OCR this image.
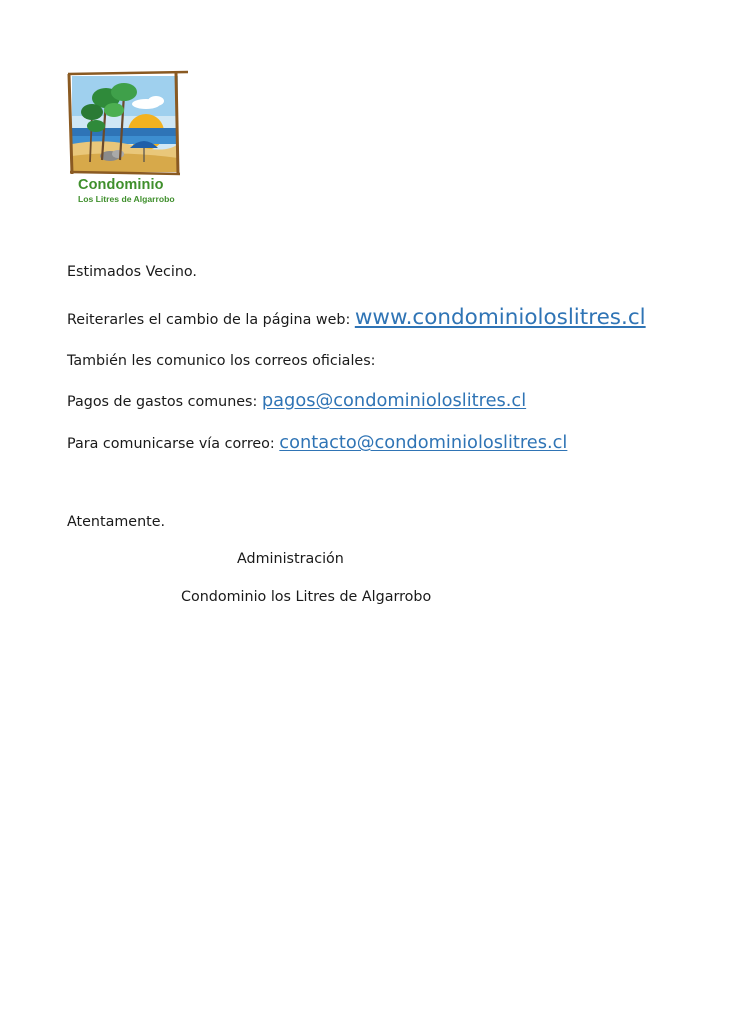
Condominio
Los Litres de Algarrobo
Estimados Vecino.
Reiterarles el cambio de la página web: www.condominioloslitres.cl
También les comunico los correos oficiales:
Pagos de gastos comunes: pagos@condominioloslitres.cl
Para comunicarse vía correo: contacto@condominioloslitres.cl
Atentamente.
Administración
Condominio los Litres de Algarrobo
